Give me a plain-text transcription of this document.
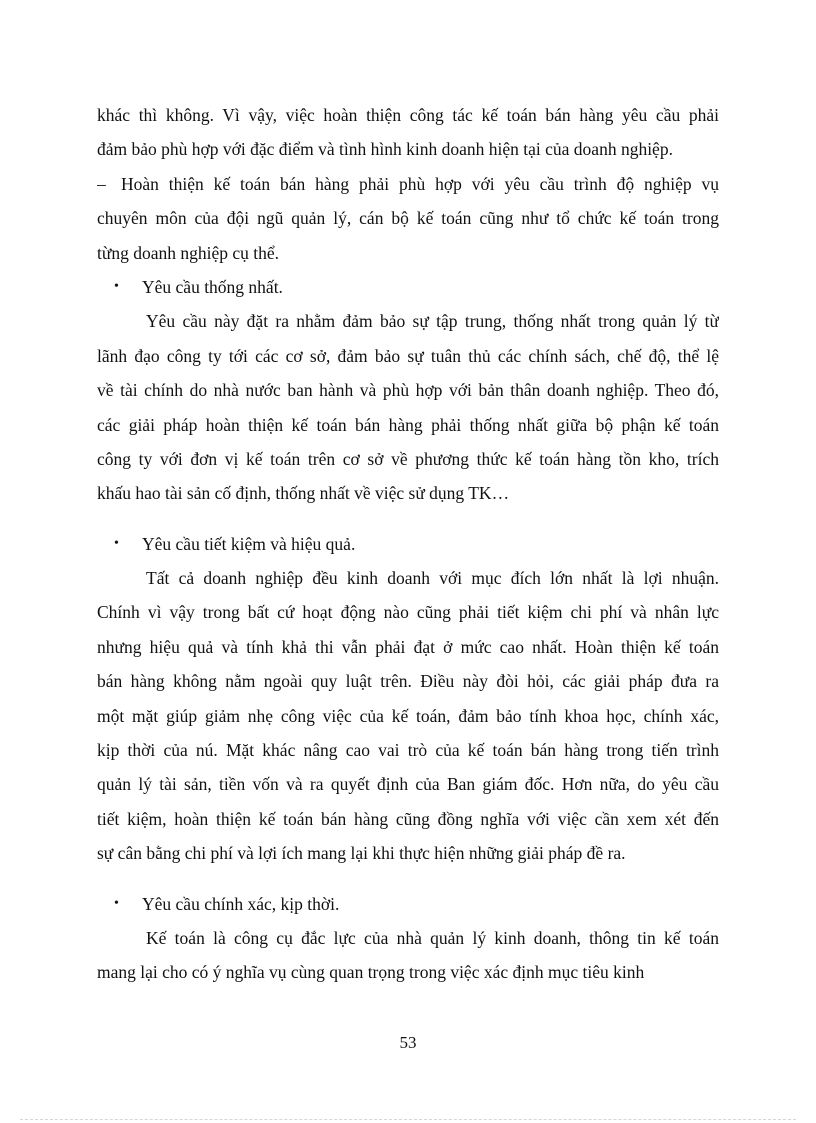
khác thì không. Vì vậy, việc hoàn thiện công tác kế toán bán hàng yêu cầu phải
đảm bảo phù hợp với đặc điểm và tình hình kinh doanh hiện tại của doanh nghiệp.
– Hoàn thiện kế toán bán hàng phải phù hợp với yêu cầu trình độ nghiệp vụ
chuyên môn của đội ngũ quản lý, cán bộ kế toán cũng như tổ chức kế toán trong
từng doanh nghiệp cụ thể.
• Yêu cầu thống nhất.
Yêu cầu này đặt ra nhằm đảm bảo sự tập trung, thống nhất trong quản lý từ
lãnh đạo công ty tới các cơ sở, đảm bảo sự tuân thủ các chính sách, chế độ, thể lệ
về tài chính do nhà nước ban hành và phù hợp với bản thân doanh nghiệp. Theo đó,
các giải pháp hoàn thiện kế toán bán hàng phải thống nhất giữa bộ phận kế toán
công ty với đơn vị kế toán trên cơ sở về phương thức kế toán hàng tồn kho, trích
khấu hao tài sản cố định, thống nhất về việc sử dụng TK…
• Yêu cầu tiết kiệm và hiệu quả.
Tất cả doanh nghiệp đều kinh doanh với mục đích lớn nhất là lợi nhuận.
Chính vì vậy trong bất cứ hoạt động nào cũng phải tiết kiệm chi phí và nhân lực
nhưng hiệu quả và tính khả thi vẫn phải đạt ở mức cao nhất. Hoàn thiện kế toán
bán hàng không nằm ngoài quy luật trên. Điều này đòi hỏi, các giải pháp đưa ra
một mặt giúp giảm nhẹ công việc của kế toán, đảm bảo tính khoa học, chính xác,
kịp thời của nú. Mặt khác nâng cao vai trò của kế toán bán hàng trong tiến trình
quản lý tài sản, tiền vốn và ra quyết định của Ban giám đốc. Hơn nữa, do yêu cầu
tiết kiệm, hoàn thiện kế toán bán hàng cũng đồng nghĩa với việc cần xem xét đến
sự cân bằng chi phí và lợi ích mang lại khi thực hiện những giải pháp đề ra.
• Yêu cầu chính xác, kịp thời.
Kế toán là công cụ đắc lực của nhà quản lý kinh doanh, thông tin kế toán
mang lại cho có ý nghĩa vụ cùng quan trọng trong việc xác định mục tiêu kinh
53
